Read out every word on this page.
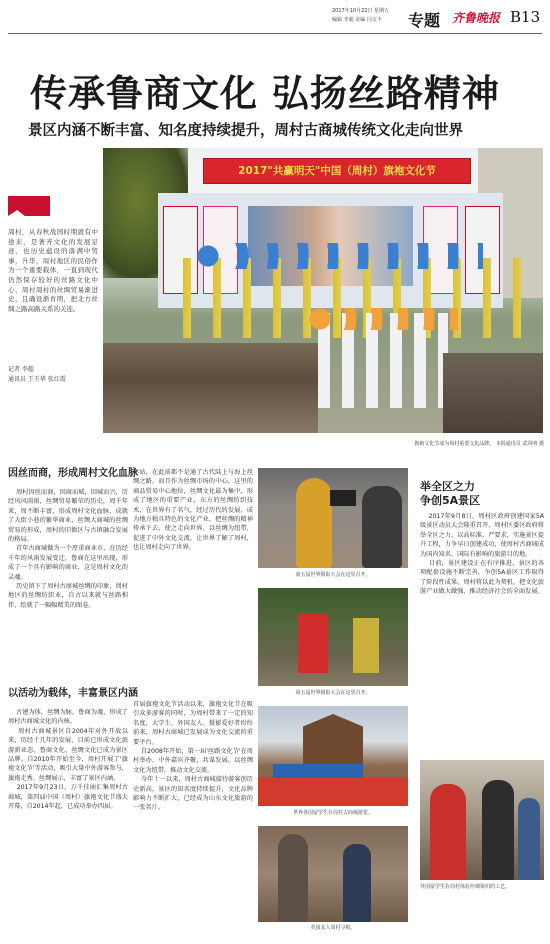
2017年10月22日 星期五
编辑 李超 美编 闫文丰	专题 齐鲁晚报 B13
传承鲁商文化 弘扬丝路精神
景区内涵不断丰富、知名度持续提升，周村古商城传统文化走向世界
周村，从春秋战国时期就有中途来，是著齐文化的发展足迹，也历史蕴设的落满中贸事，升华，周村地区的民俗作为一个重要载体，一直到现代仍然保存较好的丝路文化中心，周村周村的丝绸贸易渐进史，且确设渐育明，把北方丝绸之路高路关系的关连。
记者 李超
通讯员 王玉华 张红霞
2017"共赢明天"中国（周村）旗袍文化节
旗袍文化节成为周村重要文化品牌。 本报通讯员 武同明 摄
因丝而商，形成周村文化血脉
周村因丝而商，因商而城，因城而兴，历经风风雨雨，丝绸贸易繁荣的历史，周千年来，周不断丰富，形成周村文化血脉，成就了大街小巷的繁华商业，丝绸大商城的丝绸贸易的形成，周村的旧衙区与古镇融合发展的格局。
首年古商城做为一个厚重商业市，在历经千年的风雨发展变迁，鲁商在这里出现，形成了一个具有影响的商业，这是周村文化的灵魂。
历史留下了周村古商城丝绸的印象，周村地区的丝绸纺织业，自古以来就与丝路相伴，绘就了一幅幅精美的图卷。
车站，在此前都不是通了古代陆上与海上丝绸之路，而且作为丝绸市场的中心，这里的商品贸易中心地位，丝绸文化最为集中，形成了地区的重要产业，东方的丝绸纺织技术，在世界有了名气，经过历代的发展，成为地方独具特色的文化产业，把丝绸的精神传承下去，使之走向世界，以丝绸为纽带，促进了中外文化交流，让世界了解了周村，也让周村走向了世界。
以活动为载体，丰富景区内涵
古建为体，丝绸为脉，鲁商为魂，形成了周村古商城文化的内核。
周村古商城景区自2004年对外开放以来，历经十几年的发展，目前已形成文化旅游新业态，鲁商文化、丝绸文化已成为景区品牌。自2010年开始至今，周村开展了'旗袍文化节'等活动，吸引大量中外游客参与，旗袍走秀、丝绸展示，丰富了景区内涵。
2017年9月23日，万千佳丽汇集周村古商城，第四届中国（周村）旗袍文化节盛大开幕，自2014年起，已成功举办四届。
首届旗袍文化节活动以来，旗袍文化节在吸引众多游客的同时，为周村带来了一定的知名度，大学生、外国友人、摄影爱好者纷纷前来，周村古商城已发展成为文化交流的重要平台。
自2008年开始，第一届'丝路文化节'在周村举办，中外嘉宾齐聚，共谋发展，以丝绸文化为纽带，推动文化交流。
今年十一以来，周村古商城接待游客创历史新高，景区的知名度持续提升，文化品牌影响力不断扩大，已经成为山东文化旅游的一张名片。
第五届世界摄影大会在这里召开。
第五届世界摄影大会在这里召开。
世界各国留学生在周村古商城游览。
英国友人周村寻根。
举全区之力
争创5A景区
2017年9月8日，周村区政府创建国家5A级景区动员大会隆重召开，周村区委区政府将举全区之力，以高标准、严要求，实施景区提升工程，力争早日创建成功，使周村古商城成为国内知名、国际有影响的旅游目的地。
目前，景区建设正在有序推进，景区的各项配套设施不断完善，争创5A景区工作取得了阶段性成果，周村将以此为契机，把文化旅游产业做大做强，推动经济社会的全面发展。
外国留学生在周村体验丝绸染织的工艺。
